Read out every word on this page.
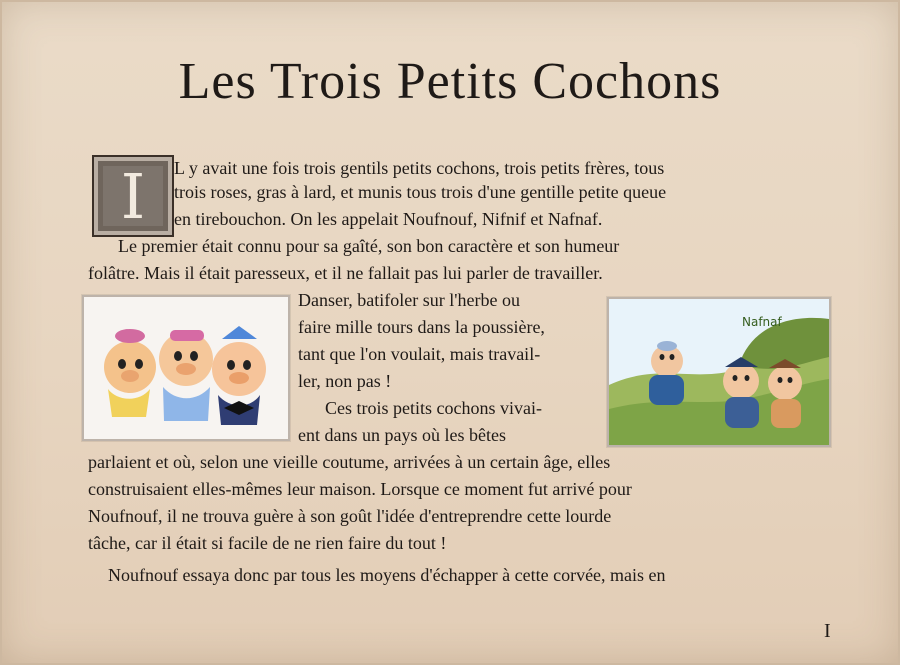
Les Trois Petits Cochons
I	L y avait une fois trois gentils petits cochons, trois petits frères, tous
trois roses, gras à lard, et munis tous trois d'une gentille petite queue
en tirebouchon. On les appelait Noufnouf, Nifnif et Nafnaf.
Le premier était connu pour sa gaîté, son bon caractère et son humeur
folâtre. Mais il était paresseux, et il ne fallait pas lui parler de travailler.
Danser, batifoler sur l'herbe ou
faire mille tours dans la poussière,
tant que l'on voulait, mais travail-
ler, non pas !
Ces trois petits cochons vivai-
ent dans un pays où les bêtes
Nafnaf
parlaient et où, selon une vieille coutume, arrivées à un certain âge, elles
construisaient elles-mêmes leur maison. Lorsque ce moment fut arrivé pour
Noufnouf, il ne trouva guère à son goût l'idée d'entreprendre cette lourde
tâche, car il était si facile de ne rien faire du tout !
Noufnouf essaya donc par tous les moyens d'échapper à cette corvée, mais en
I
